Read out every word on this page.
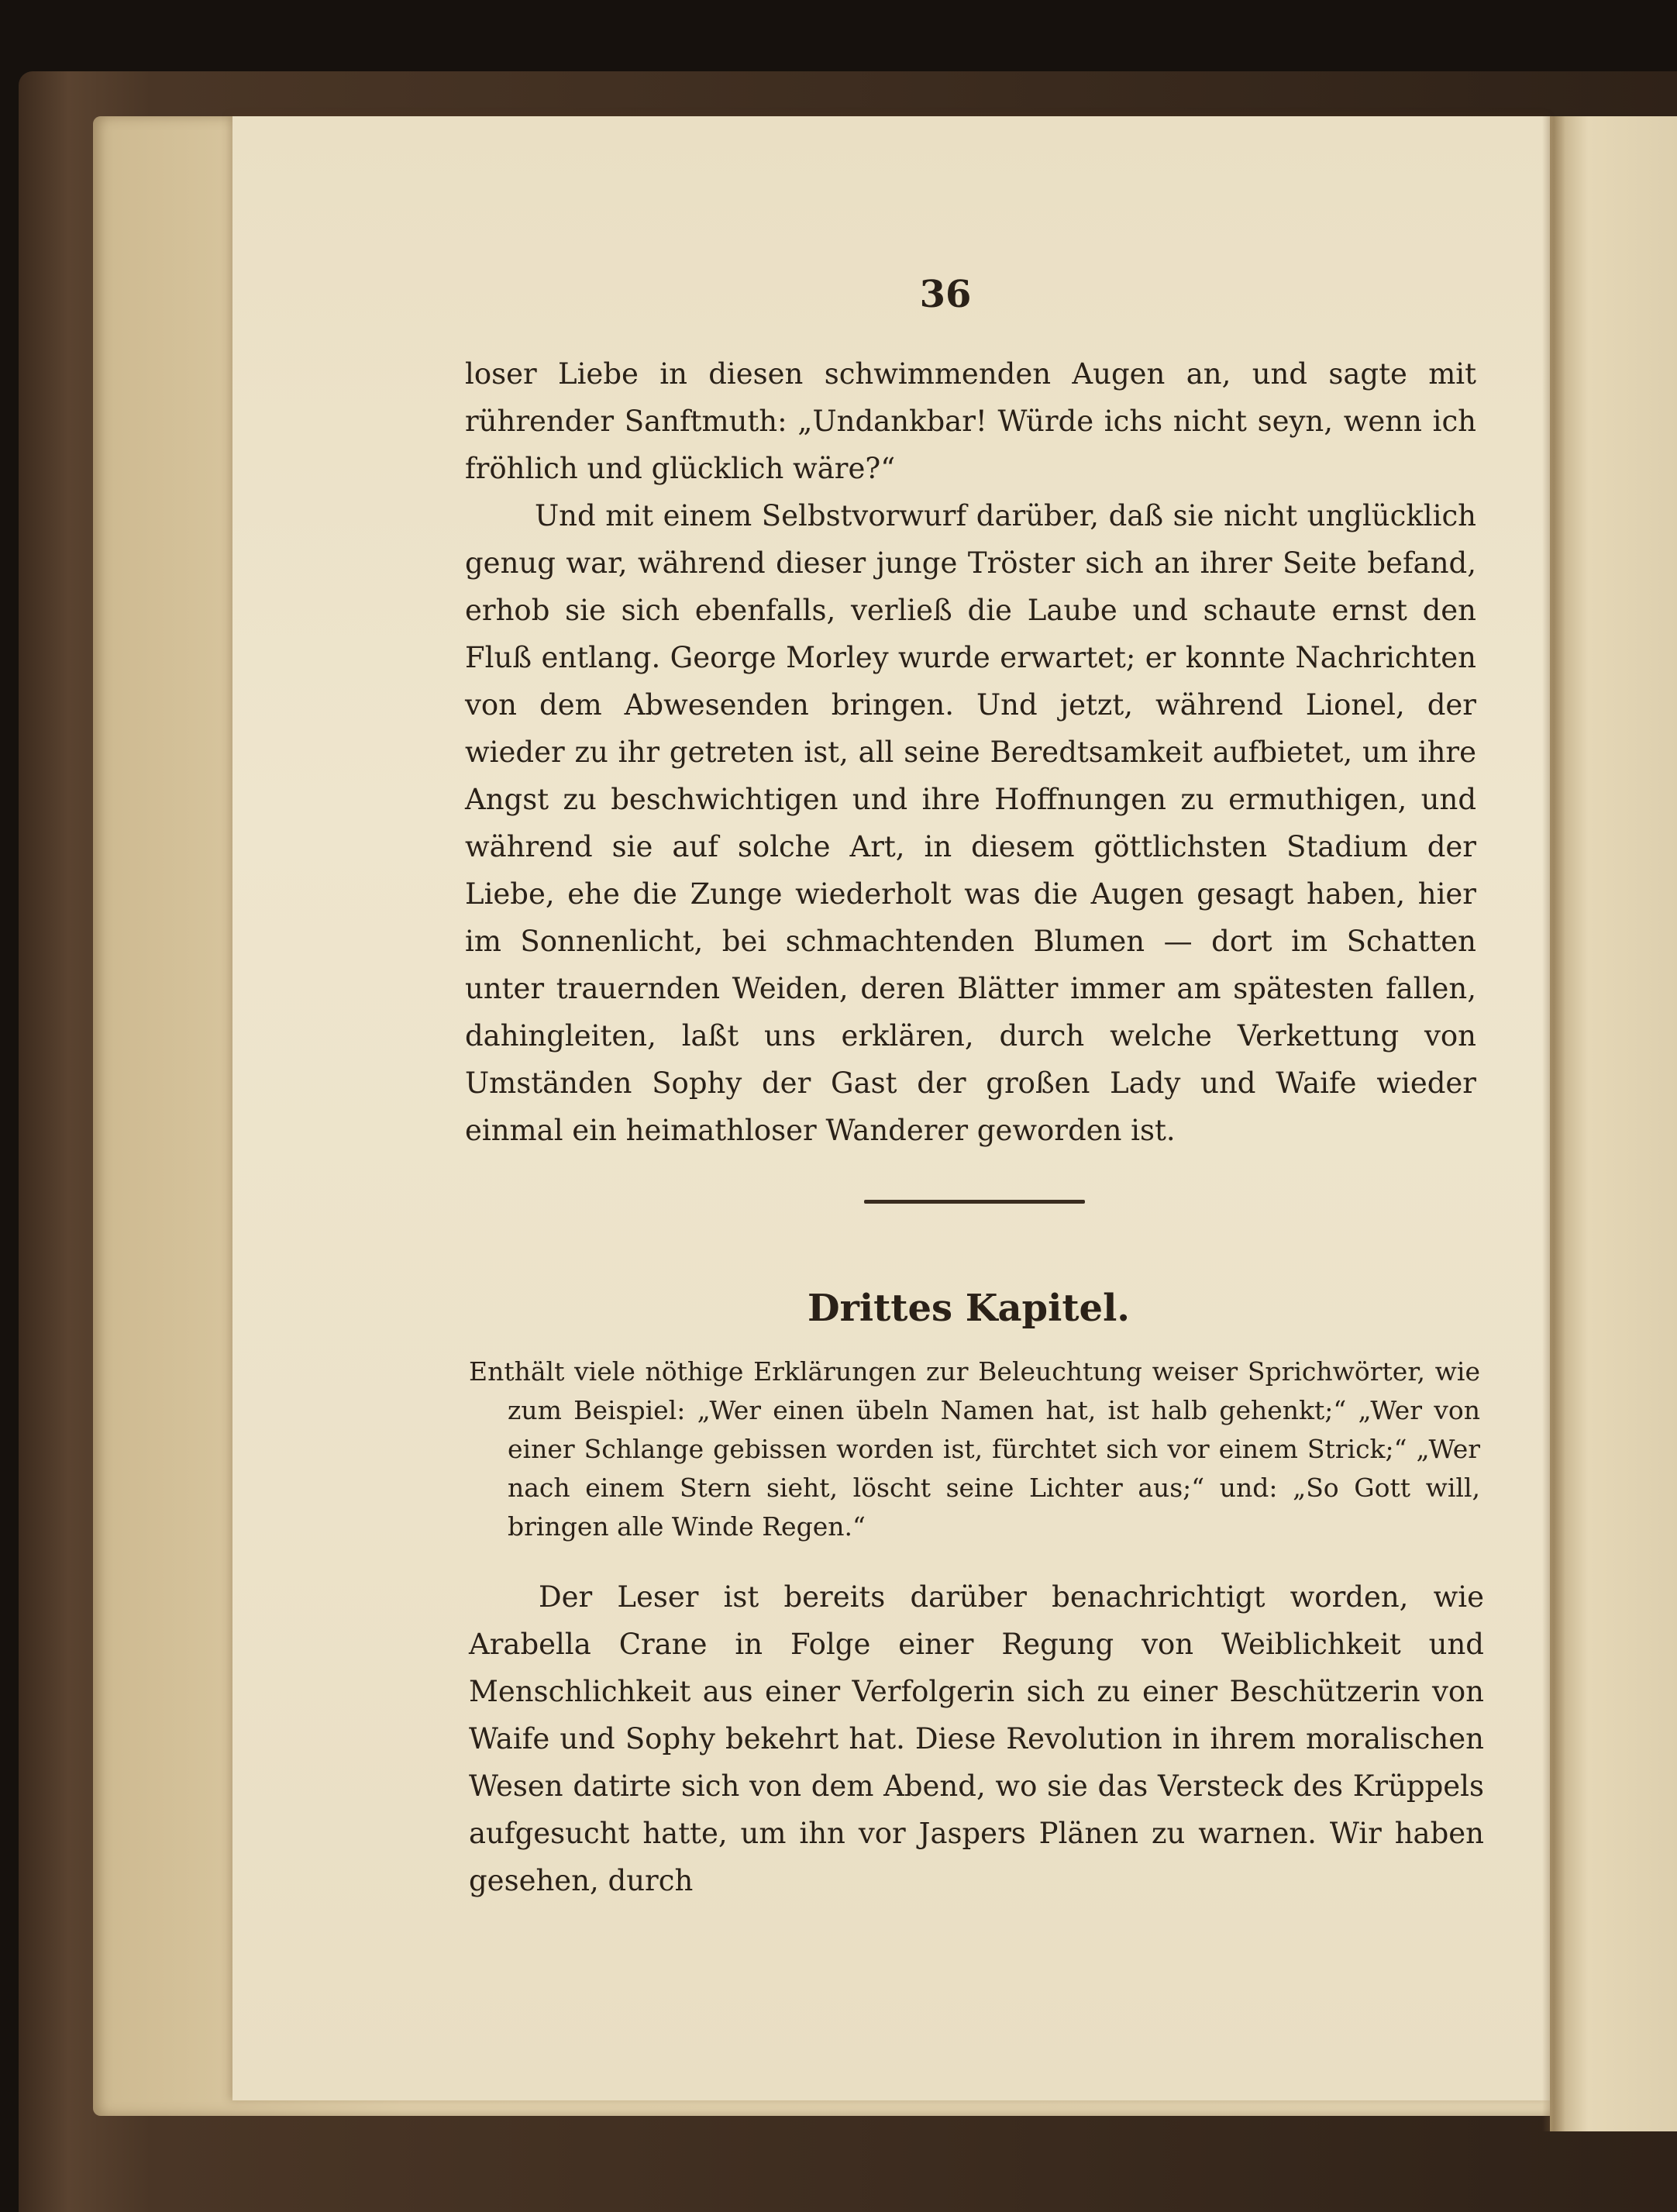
36

loser Liebe in diesen schwimmenden Augen an, und sagte mit rührender Sanftmuth: „Undankbar! Würde ichs nicht seyn, wenn ich fröhlich und glücklich wäre?“

Und mit einem Selbstvorwurf darüber, daß sie nicht unglücklich genug war, während dieser junge Tröster sich an ihrer Seite befand, erhob sie sich ebenfalls, verließ die Laube und schaute ernst den Fluß entlang. George Morley wurde erwartet; er konnte Nachrichten von dem Abwesenden bringen. Und jetzt, während Lionel, der wieder zu ihr getreten ist, all seine Beredtsamkeit aufbietet, um ihre Angst zu beschwichtigen und ihre Hoffnungen zu ermuthigen, und während sie auf solche Art, in diesem göttlichsten Stadium der Liebe, ehe die Zunge wiederholt was die Augen gesagt haben, hier im Sonnenlicht, bei schmachtenden Blumen — dort im Schatten unter trauernden Weiden, deren Blätter immer am spätesten fallen, dahingleiten, laßt uns erklären, durch welche Verkettung von Umständen Sophy der Gast der großen Lady und Waife wieder einmal ein heimathloser Wanderer geworden ist.

Drittes Kapitel.

Enthält viele nöthige Erklärungen zur Beleuchtung weiser Sprichwörter, wie zum Beispiel: „Wer einen übeln Namen hat, ist halb gehenkt;“ „Wer von einer Schlange gebissen worden ist, fürchtet sich vor einem Strick;“ „Wer nach einem Stern sieht, löscht seine Lichter aus;“ und: „So Gott will, bringen alle Winde Regen.“

Der Leser ist bereits darüber benachrichtigt worden, wie Arabella Crane in Folge einer Regung von Weiblichkeit und Menschlichkeit aus einer Verfolgerin sich zu einer Beschützerin von Waife und Sophy bekehrt hat. Diese Revolution in ihrem moralischen Wesen datirte sich von dem Abend, wo sie das Versteck des Krüppels aufgesucht hatte, um ihn vor Jaspers Plänen zu warnen. Wir haben gesehen, durch
